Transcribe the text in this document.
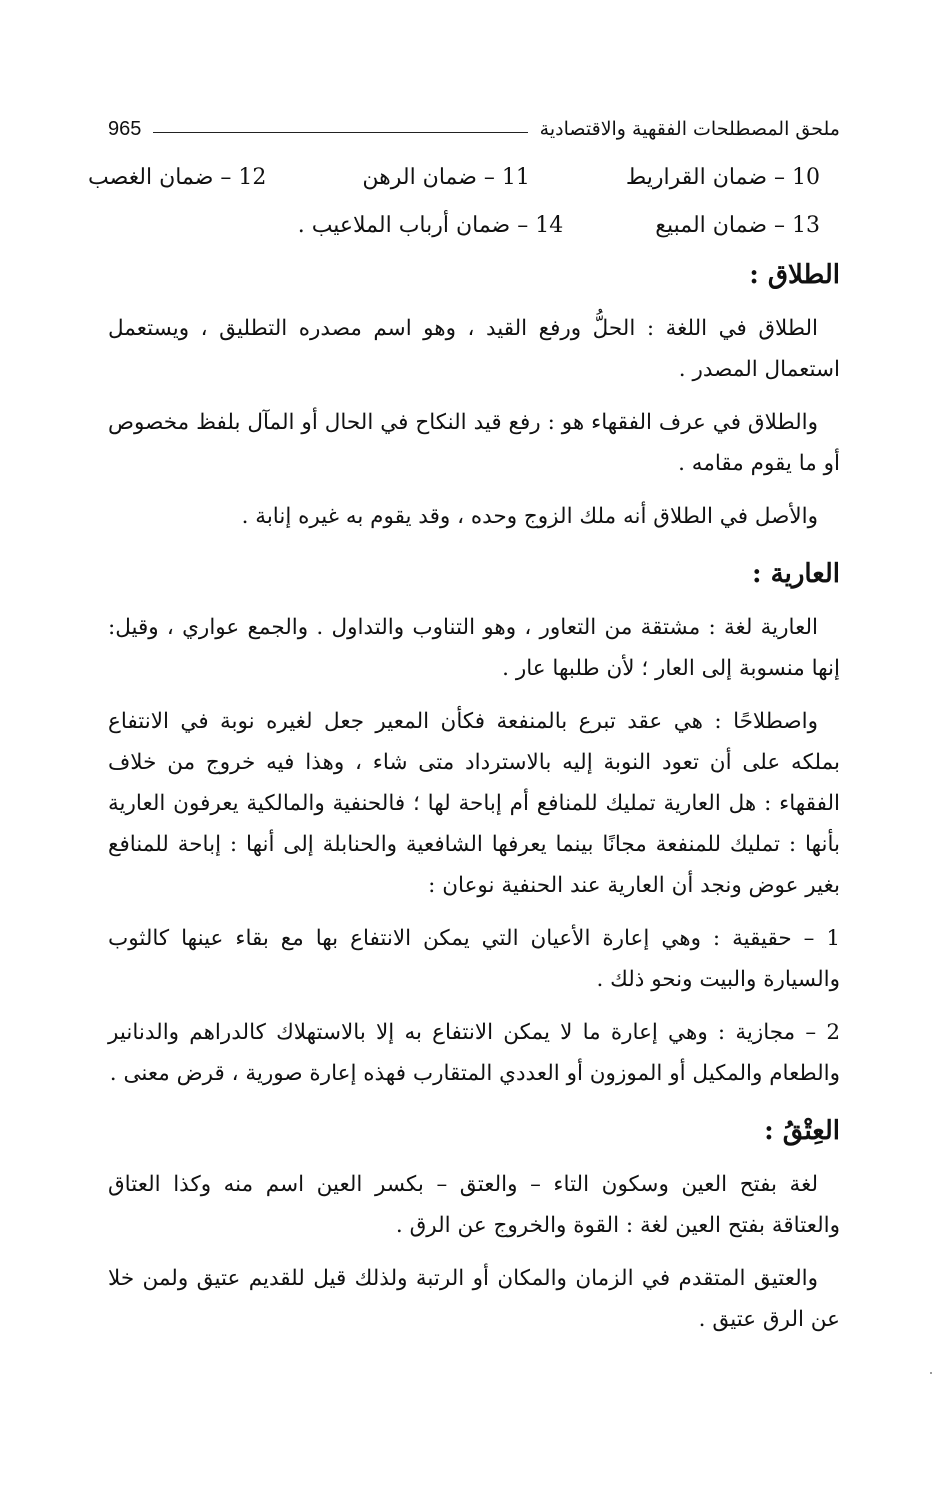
ملحق المصطلحات الفقهية والاقتصادية
965
10 – ضمان القراريط
11 – ضمان الرهن
12 – ضمان الغصب
13 – ضمان المبيع
14 – ضمان أرباب الملاعيب .
الطلاق :

الطلاق في اللغة : الحلُّ ورفع القيد ، وهو اسم مصدره التطليق ، ويستعمل استعمال المصدر .

والطلاق في عرف الفقهاء هو : رفع قيد النكاح في الحال أو المآل بلفظ مخصوص أو ما يقوم مقامه .

والأصل في الطلاق أنه ملك الزوج وحده ، وقد يقوم به غيره إنابة .

العارية :

العارية لغة : مشتقة من التعاور ، وهو التناوب والتداول . والجمع عواري ، وقيل: إنها منسوبة إلى العار ؛ لأن طلبها عار .

واصطلاحًا : هي عقد تبرع بالمنفعة فكأن المعير جعل لغيره نوبة في الانتفاع بملكه على أن تعود النوبة إليه بالاسترداد متى شاء ، وهذا فيه خروج من خلاف الفقهاء : هل العارية تمليك للمنافع أم إباحة لها ؛ فالحنفية والمالكية يعرفون العارية بأنها : تمليك للمنفعة مجانًا بينما يعرفها الشافعية والحنابلة إلى أنها : إباحة للمنافع بغير عوض ونجد أن العارية عند الحنفية نوعان :

1 – حقيقية : وهي إعارة الأعيان التي يمكن الانتفاع بها مع بقاء عينها كالثوب والسيارة والبيت ونحو ذلك .

2 – مجازية : وهي إعارة ما لا يمكن الانتفاع به إلا بالاستهلاك كالدراهم والدنانير والطعام والمكيل أو الموزون أو العددي المتقارب فهذه إعارة صورية ، قرض معنى .

العِتْقُ :

لغة بفتح العين وسكون التاء – والعتق – بكسر العين اسم منه وكذا العتاق والعتاقة بفتح العين لغة : القوة والخروج عن الرق .

والعتيق المتقدم في الزمان والمكان أو الرتبة ولذلك قيل للقديم عتيق ولمن خلا عن الرق عتيق .
